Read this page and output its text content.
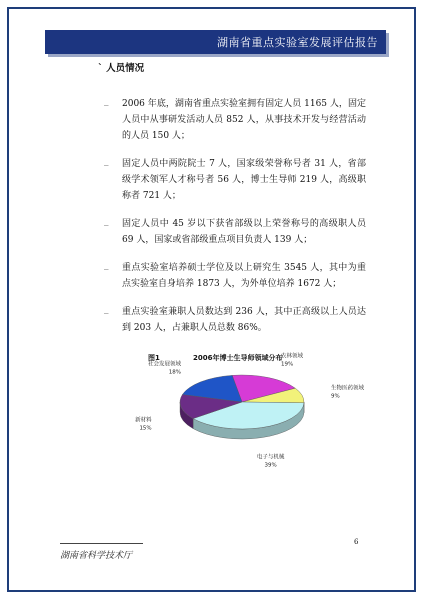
湖南省重点实验室发展评估报告
` 人员情况
_ 2006 年底，湖南省重点实验室拥有固定人员 1165 人，固定人员中从事研发活动人员 852 人，从事技术开发与经营活动的人员 150 人；
_ 固定人员中两院院士 7 人，国家级荣誉称号者 31 人，省部级学术领军人才称号者 56 人，博士生导师 219 人，高级职称者 721 人；
_ 固定人员中 45 岁以下获省部级以上荣誉称号的高级职人员 69 人，国家或省部级重点项目负责人 139 人；
_ 重点实验室培养硕士学位及以上研究生 3545 人，其中为重点实验室自身培养 1873 人，为外单位培养 1672 人；
_ 重点实验室兼职人员数达到 236 人，其中正高级以上人员达到 203 人，占兼职人员总数 86%。
图1	2006年博士生导师领域分布
农林领域
19%
生物医药领域
9%
电子与机械
39%
新材料
15%
社会发展领域
18%
6
湖南省科学技术厅
